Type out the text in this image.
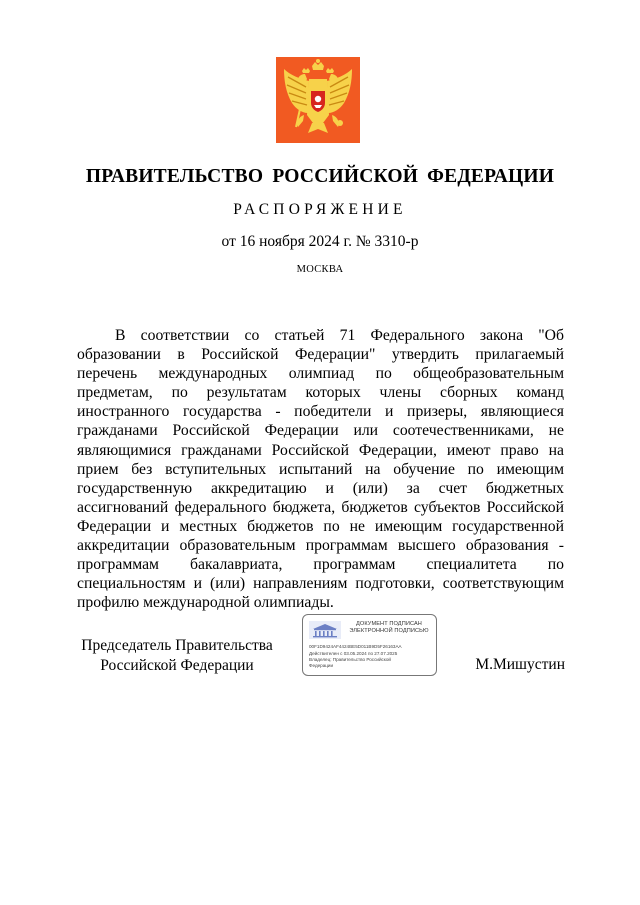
ПРАВИТЕЛЬСТВО РОССИЙСКОЙ ФЕДЕРАЦИИ
РАСПОРЯЖЕНИЕ
от 16 ноября 2024 г. № 3310-р
МОСКВА

В соответствии со статьей 71 Федерального закона "Об образовании в Российской Федерации" утвердить прилагаемый перечень международных олимпиад по общеобразовательным предметам, по результатам которых члены сборных команд иностранного государства - победители и призеры, являющиеся гражданами Российской Федерации или соотечественниками, не являющимися гражданами Российской Федерации, имеют право на прием без вступительных испытаний на обучение по имеющим государственную аккредитацию и (или) за счет бюджетных ассигнований федерального бюджета, бюджетов субъектов Российской Федерации и местных бюджетов по не имеющим государственной аккредитации образовательным программам высшего образования - программам бакалавриата, программам специалитета по специальностям и (или) направлениям подготовки, соответствующим профилю международной олимпиады.

Председатель Правительства
Российской Федерации
ДОКУМЕНТ ПОДПИСАН
ЭЛЕКТРОННОЙ ПОДПИСЬЮ
00F1D9424AF4424BE5D011B9D5F26163AA
Действителен с 03.05.2024 по 27.07.2025
Владелец: Правительство Российской
Федерации	М.Мишустин
